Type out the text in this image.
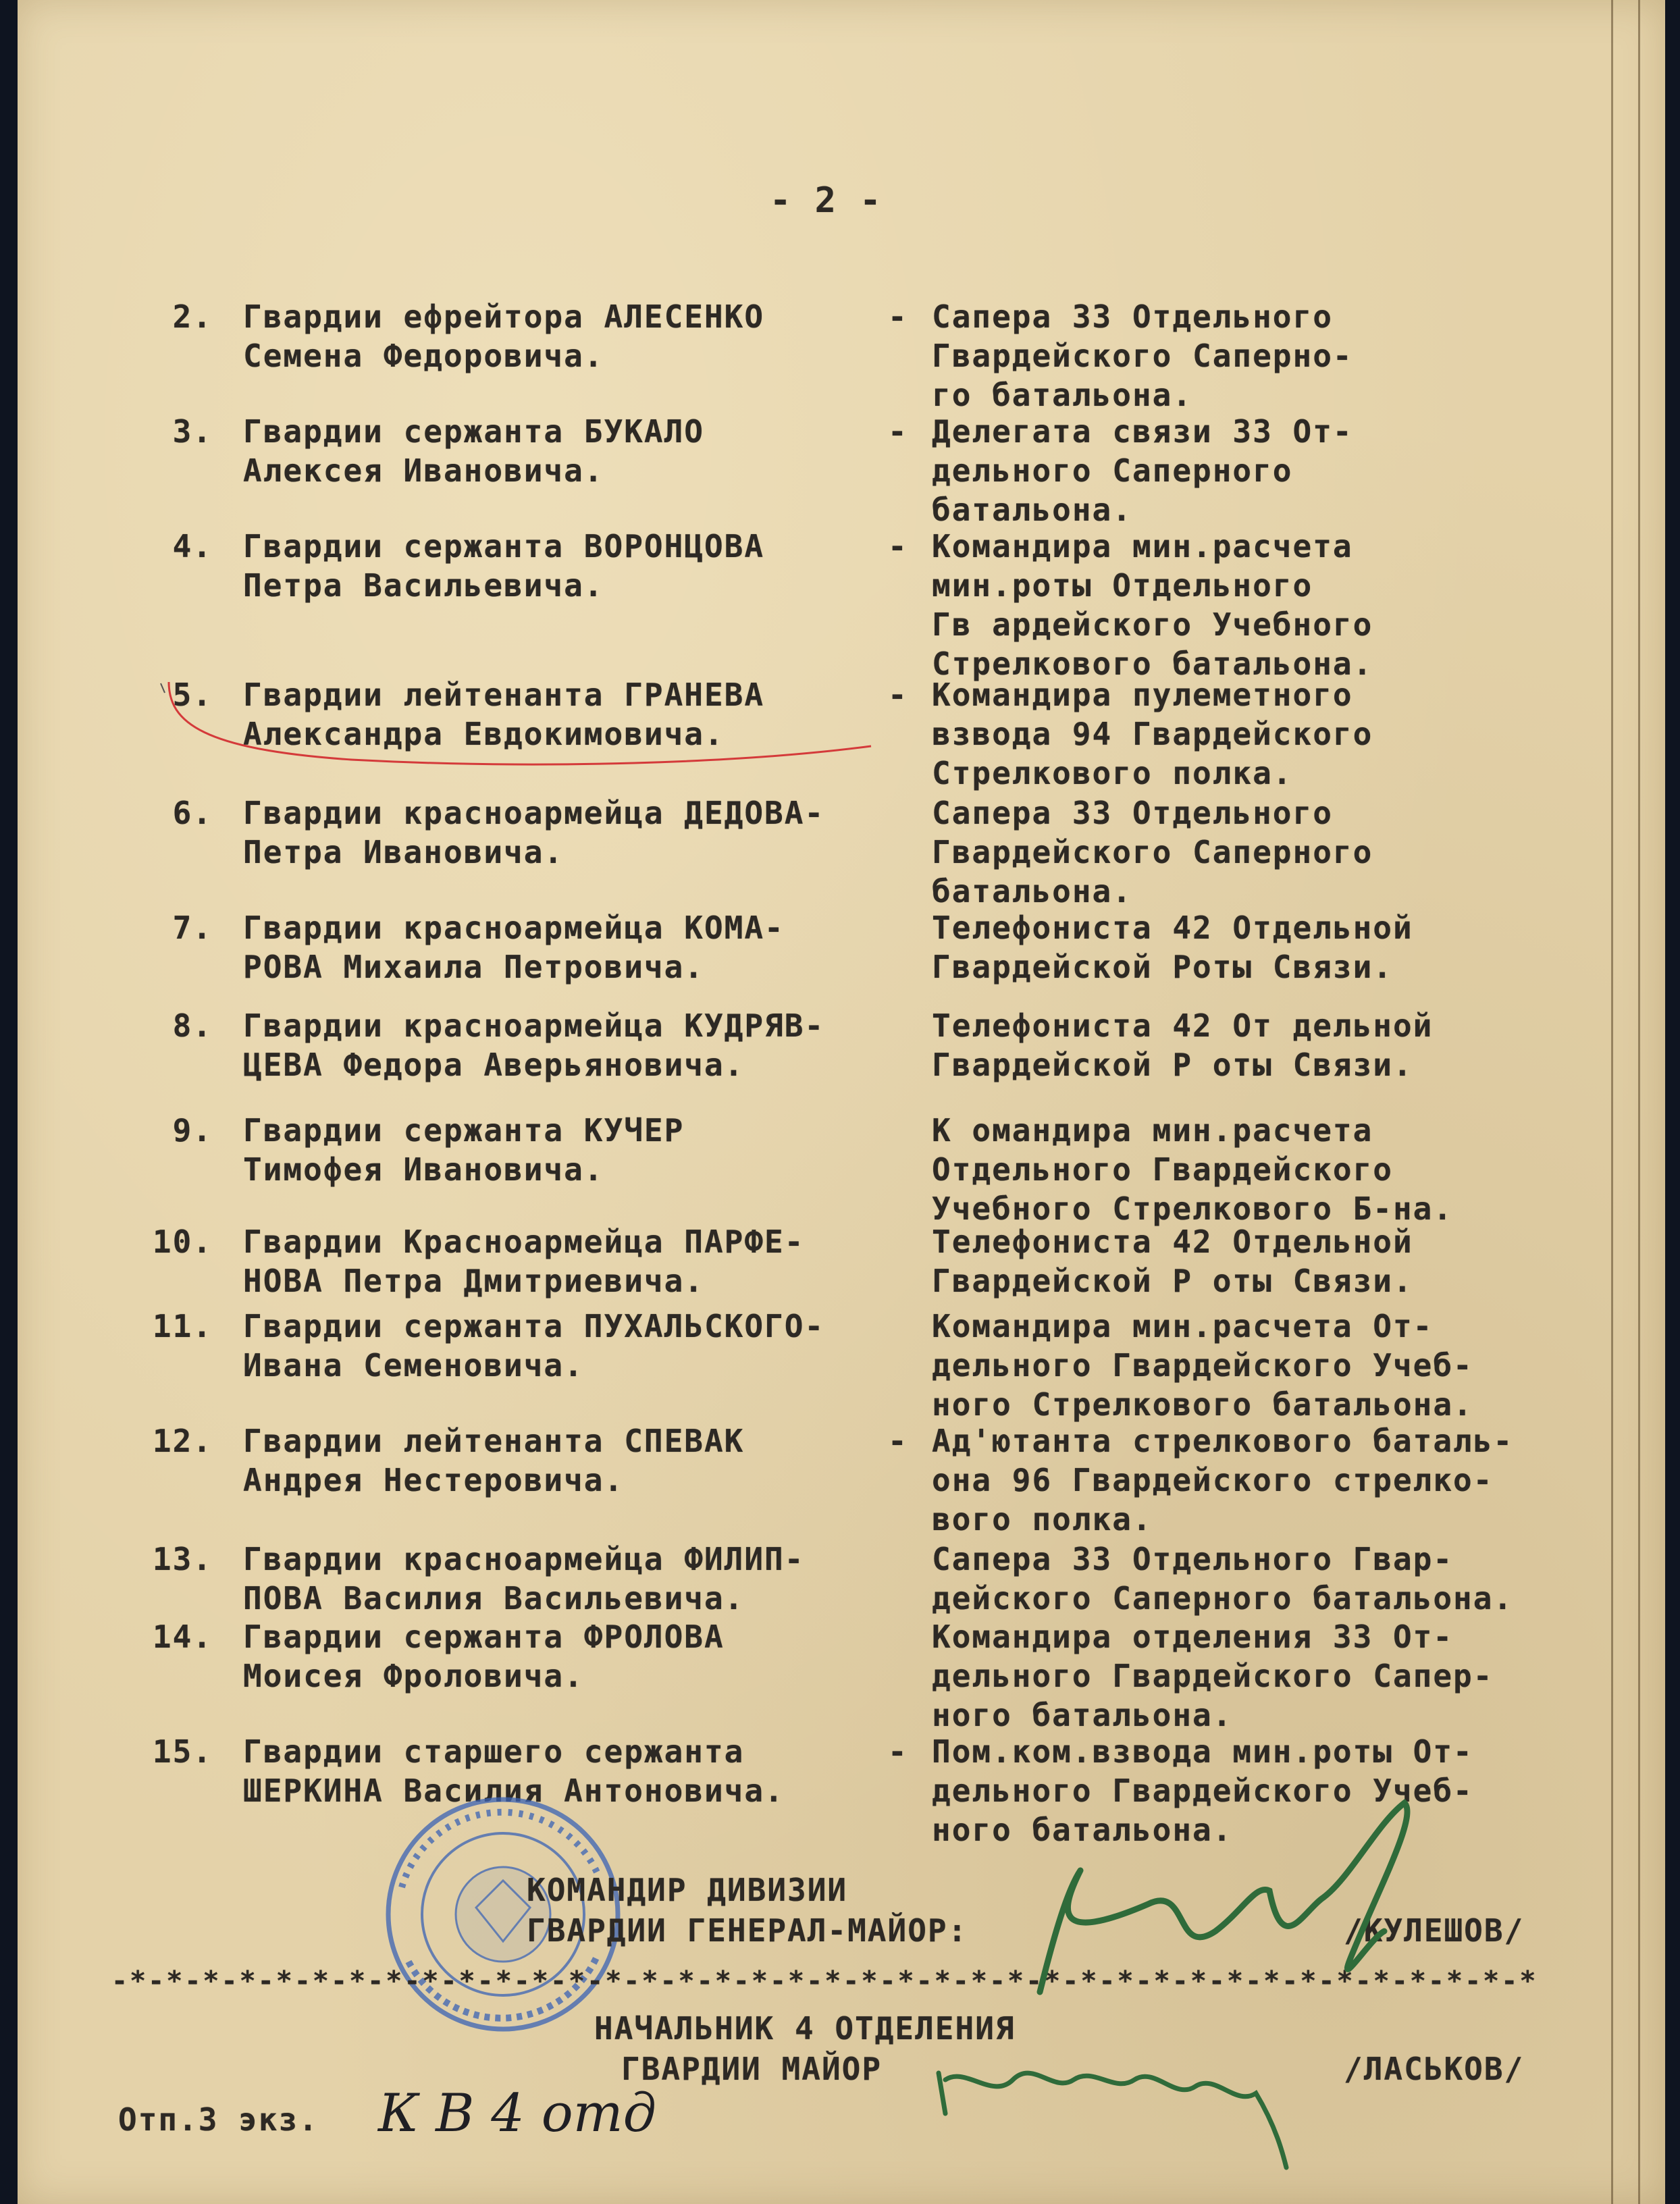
- 2 -
2. Гвардии ефрейтора АЛЕСЕНКО
Семена Федоровича.
- Сапера 33 Отдельного
Гвардейского Саперно-
го батальона.
3. Гвардии сержанта БУКАЛО
Алексея Ивановича.
- Делегата связи 33 От-
дельного Саперного
батальона.
4. Гвардии сержанта ВОРОНЦОВА
Петра Васильевича.
- Командира мин.расчета
мин.роты Отдельного
Гв ардейского Учебного
Стрелкового батальона.
5. Гвардии лейтенанта ГРАНЕВА
Александра Евдокимовича.
- Командира пулеметного
взвода 94 Гвардейского
Стрелкового полка.
6. Гвардии красноармейца ДЕДОВА-
Петра Ивановича.
Сапера 33 Отдельного
Гвардейского Саперного
батальона.
7. Гвардии красноармейца КОМА-
РОВА Михаила Петровича.
Телефониста 42 Отдельной
Гвардейской Роты Связи.
8. Гвардии красноармейца КУДРЯВ-
ЦЕВА Федора Аверьяновича.
Телефониста 42 От дельной
Гвардейской Р оты Связи.
9. Гвардии сержанта КУЧЕР
Тимофея Ивановича.
К омандира мин.расчета
Отдельного Гвардейского
Учебного Стрелкового Б-на.
10. Гвардии Красноармейца ПАРФЕ-
НОВА Петра Дмитриевича.
Телефониста 42 Отдельной
Гвардейской Р оты Связи.
11. Гвардии сержанта ПУХАЛЬСКОГО-
Ивана Семеновича.
Командира мин.расчета От-
дельного Гвардейского Учеб-
ного Стрелкового батальона.
12. Гвардии лейтенанта СПЕВАК
Андрея Нестеровича.
- Ад'ютанта стрелкового баталь-
она 96 Гвардейского стрелко-
вого полка.
13. Гвардии красноармейца ФИЛИП-
ПОВА Василия Васильевича.
Сапера 33 Отдельного Гвар-
дейского Саперного батальона.
14. Гвардии сержанта ФРОЛОВА
Моисея Фроловича.
Командира отделения 33 От-
дельного Гвардейского Сапер-
ного батальона.
15. Гвардии старшего сержанта
ШЕРКИНА Василия Антоновича.
- Пом.ком.взвода мин.роты От-
дельного Гвардейского Учеб-
ного батальона.
КОМАНДИР ДИВИЗИИ
ГВАРДИИ ГЕНЕРАЛ-МАЙОР:	/КУЛЕШОВ/
-*-*-*-*-*-*-*-*-*-*-*-*-*-*-*-*-*-*-*-*-*-*-*-*-*-*-*-*-*-*-*-*-*-*-*-*-*-*-*
НАЧАЛЬНИК 4 ОТДЕЛЕНИЯ
ГВАРДИИ МАЙОР	/ЛАСЬКОВ/
Отп.3 экз. К В 4 отд
